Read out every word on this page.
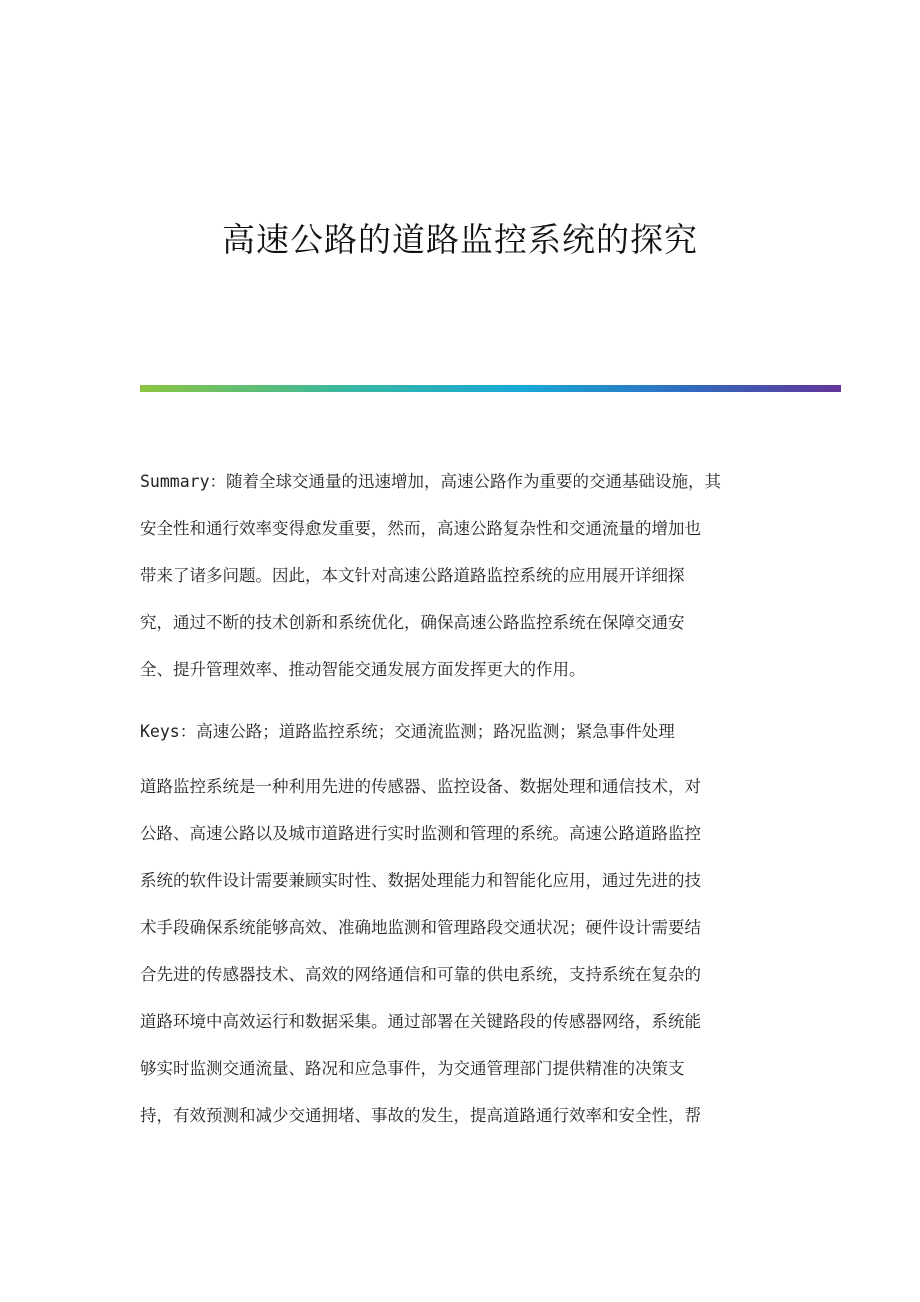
高速公路的道路监控系统的探究
Summary：随着全球交通量的迅速增加，高速公路作为重要的交通基础设施，其
安全性和通行效率变得愈发重要，然而，高速公路复杂性和交通流量的增加也
带来了诸多问题。因此，本文针对高速公路道路监控系统的应用展开详细探
究，通过不断的技术创新和系统优化，确保高速公路监控系统在保障交通安
全、提升管理效率、推动智能交通发展方面发挥更大的作用。
Keys：高速公路；道路监控系统；交通流监测；路况监测；紧急事件处理
道路监控系统是一种利用先进的传感器、监控设备、数据处理和通信技术，对
公路、高速公路以及城市道路进行实时监测和管理的系统。高速公路道路监控
系统的软件设计需要兼顾实时性、数据处理能力和智能化应用，通过先进的技
术手段确保系统能够高效、准确地监测和管理路段交通状况；硬件设计需要结
合先进的传感器技术、高效的网络通信和可靠的供电系统，支持系统在复杂的
道路环境中高效运行和数据采集。通过部署在关键路段的传感器网络，系统能
够实时监测交通流量、路况和应急事件，为交通管理部门提供精准的决策支
持，有效预测和减少交通拥堵、事故的发生，提高道路通行效率和安全性，帮
